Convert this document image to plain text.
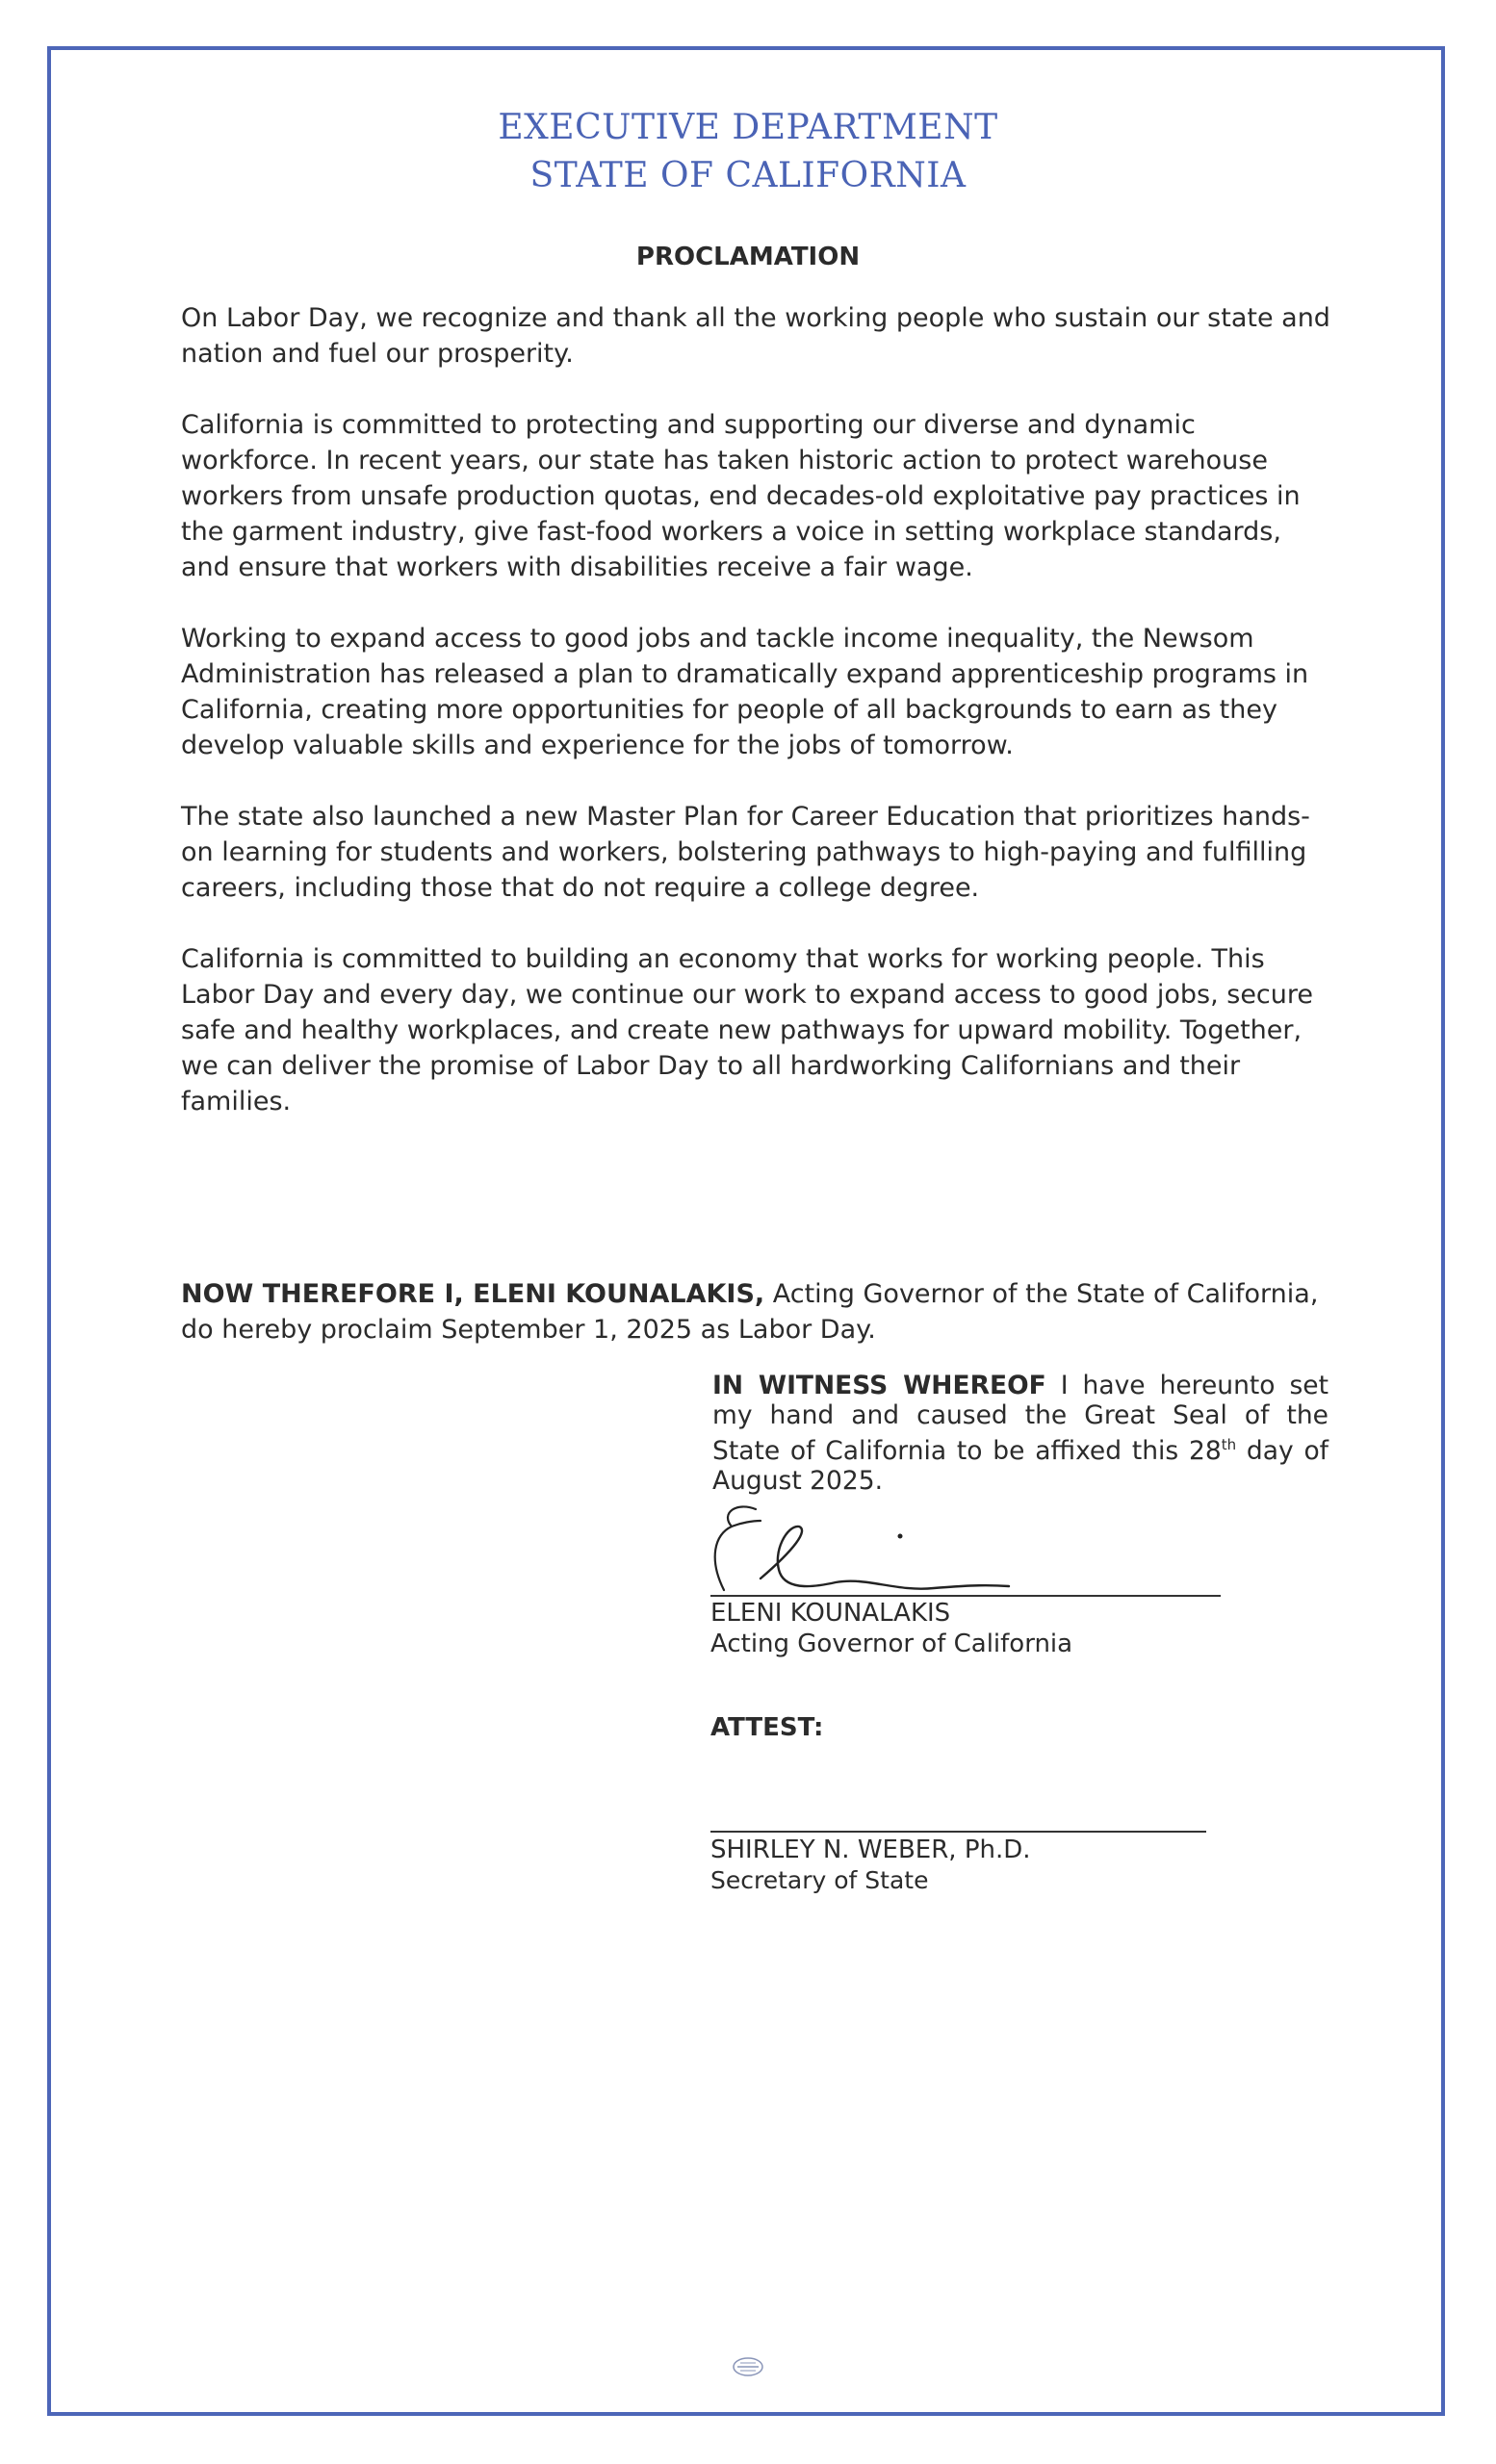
EXECUTIVE DEPARTMENT
STATE OF CALIFORNIA
PROCLAMATION

On Labor Day, we recognize and thank all the working people who sustain our state and nation and fuel our prosperity.

California is committed to protecting and supporting our diverse and dynamic workforce. In recent years, our state has taken historic action to protect warehouse workers from unsafe production quotas, end decades-old exploitative pay practices in the garment industry, give fast-food workers a voice in setting workplace standards, and ensure that workers with disabilities receive a fair wage.

Working to expand access to good jobs and tackle income inequality, the Newsom Administration has released a plan to dramatically expand apprenticeship programs in California, creating more opportunities for people of all backgrounds to earn as they develop valuable skills and experience for the jobs of tomorrow.

The state also launched a new Master Plan for Career Education that prioritizes hands-on learning for students and workers, bolstering pathways to high-paying and fulfilling careers, including those that do not require a college degree.

California is committed to building an economy that works for working people. This Labor Day and every day, we continue our work to expand access to good jobs, secure safe and healthy workplaces, and create new pathways for upward mobility. Together, we can deliver the promise of Labor Day to all hardworking Californians and their families.

NOW THEREFORE I, ELENI KOUNALAKIS, Acting Governor of the State of California, do hereby proclaim September 1, 2025 as Labor Day.
IN WITNESS WHEREOF I have hereunto set my hand and caused the Great Seal of the State of California to be affixed this 28th day of August 2025.
ELENI KOUNALAKIS
Acting Governor of California
ATTEST:
SHIRLEY N. WEBER, Ph.D.
Secretary of State
